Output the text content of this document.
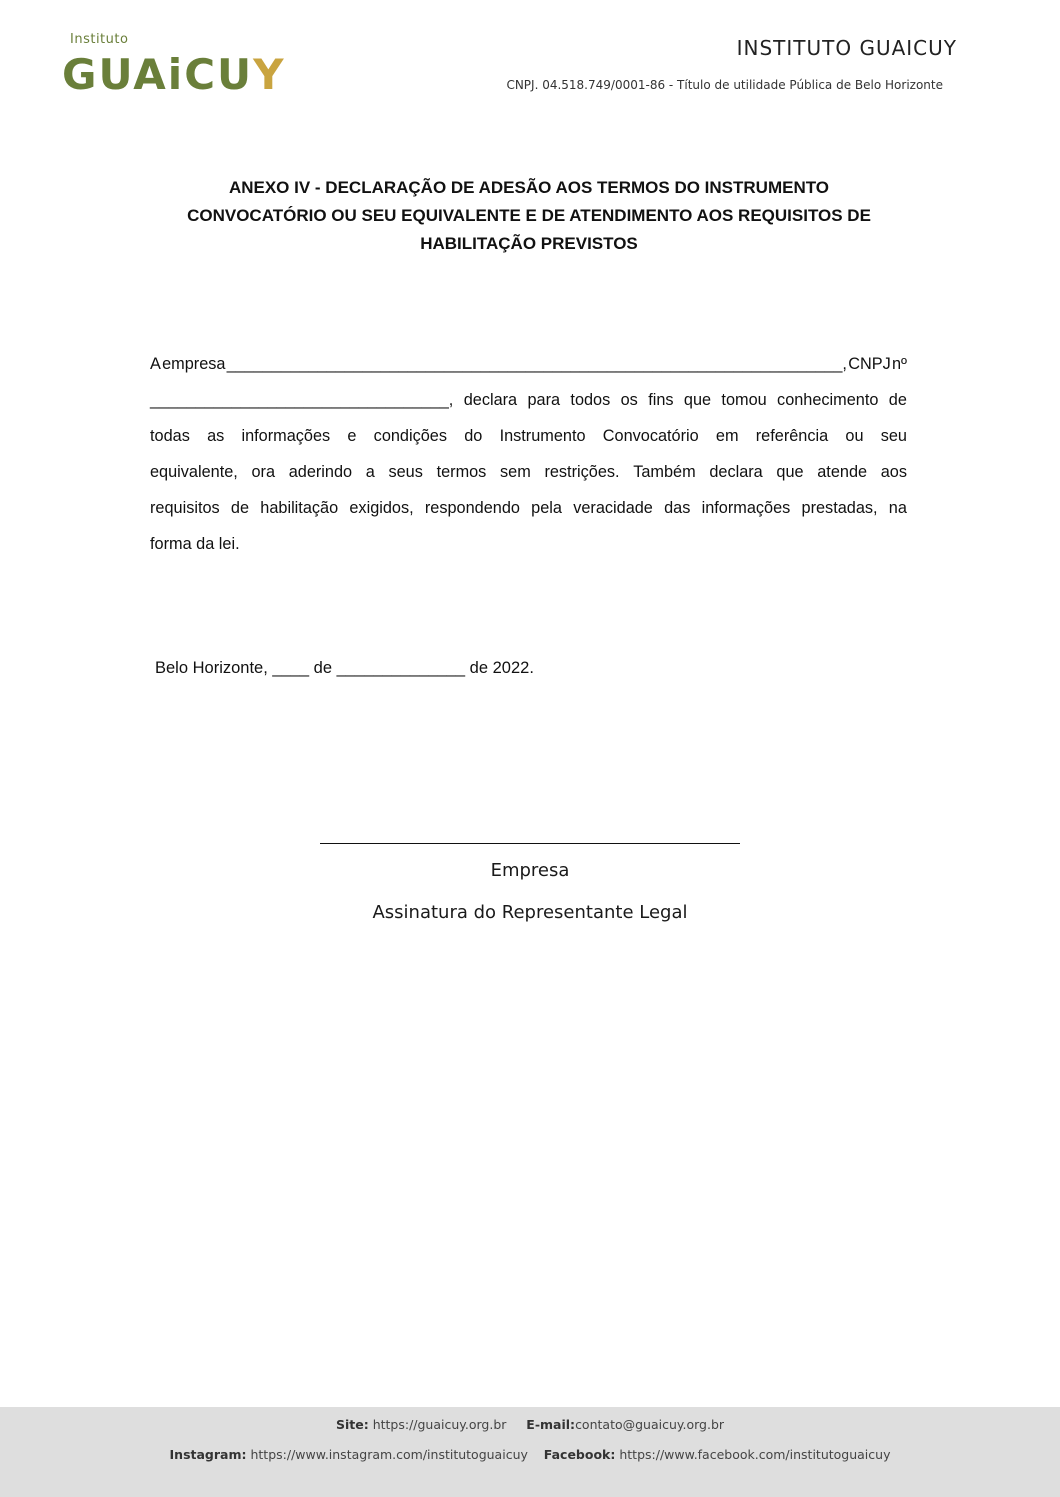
Instituto
GUAiCUY
INSTITUTO GUAICUY
CNPJ. 04.518.749/0001-86 - Título de utilidade Pública de Belo Horizonte
ANEXO IV - DECLARAÇÃO DE ADESÃO AOS TERMOS DO INSTRUMENTO
CONVOCATÓRIO OU SEU EQUIVALENTE E DE ATENDIMENTO AOS REQUISITOS DE
HABILITAÇÃO PREVISTOS
A empresa ____________________________________________________________________, CNPJ nº
_________________________________, declara para todos os fins que tomou conhecimento de
todas as informações e condições do Instrumento Convocatório em referência ou seu
equivalente, ora aderindo a seus termos sem restrições. Também declara que atende aos
requisitos de habilitação exigidos, respondendo pela veracidade das informações prestadas, na
forma da lei.
Belo Horizonte, ____ de ______________ de 2022.
__________________________________________________
Empresa
Assinatura do Representante Legal
Site: https://guaicuy.org.br E-mail:contato@guaicuy.org.br
Instagram: https://www.instagram.com/institutoguaicuy Facebook: https://www.facebook.com/institutoguaicuy
